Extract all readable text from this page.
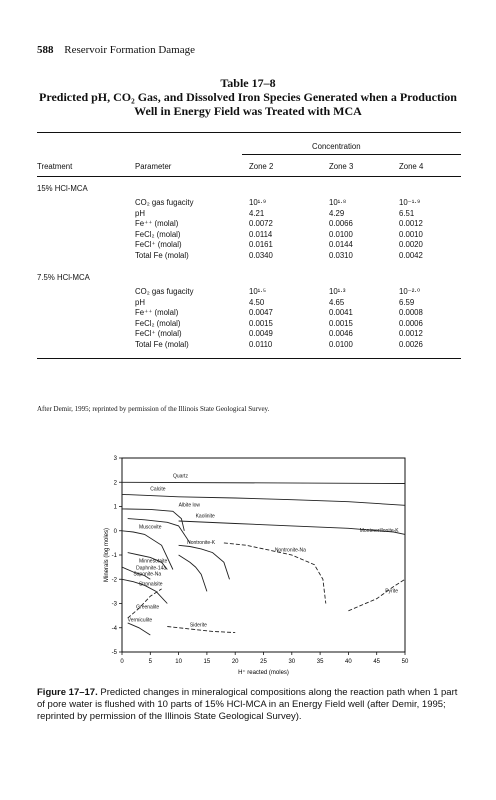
588 Reservoir Formation Damage
Table 17–8
Predicted pH, CO₂ Gas, and Dissolved Iron Species Generated when a Production Well in Energy Field was Treated with MCA
Concentration
Treatment	Parameter	Zone 2	Zone 3	Zone 4
15% HCl-MCA
CO₂ gas fugacity	10¹·⁹	10¹·⁸	10⁻¹·⁹
pH	4.21	4.29	6.51
Fe⁺⁺ (molal)	0.0072	0.0066	0.0012
FeCl₂ (molal)	0.0114	0.0100	0.0010
FeCl⁺ (molal)	0.0161	0.0144	0.0020
Total Fe (molal)	0.0340	0.0310	0.0042
7.5% HCl-MCA
CO₂ gas fugacity	10¹·⁵	10¹·³	10⁻²·⁰
pH	4.50	4.65	6.59
Fe⁺⁺ (molal)	0.0047	0.0041	0.0008
FeCl₂ (molal)	0.0015	0.0015	0.0006
FeCl⁺ (molal)	0.0049	0.0046	0.0012
Total Fe (molal)	0.0110	0.0100	0.0026
After Demir, 1995; reprinted by permission of the Illinois State Geological Survey.
0	5	10	15	20	25	30	35	40	45	50
3
2
1
0
-1
-2
-3
-4
-5
H⁺ reacted (moles)
Minerals (log moles)
Quartz
Calcite
Albite low
Kaolinite
Muscovite
Montmorillonite-K
Nontronite-K
Nontronite-Na
Minnesotaite
Daphnite-14a
Saponite-Na
Stronalsite
Pyrite
Greenalite
Siderite
Vermiculite
Figure 17–17. Predicted changes in mineralogical compositions along the reaction path when 1 part of pore water is flushed with 10 parts of 15% HCl-MCA in an Energy Field well (after Demir, 1995; reprinted by permission of the Illinois State Geological Survey).
